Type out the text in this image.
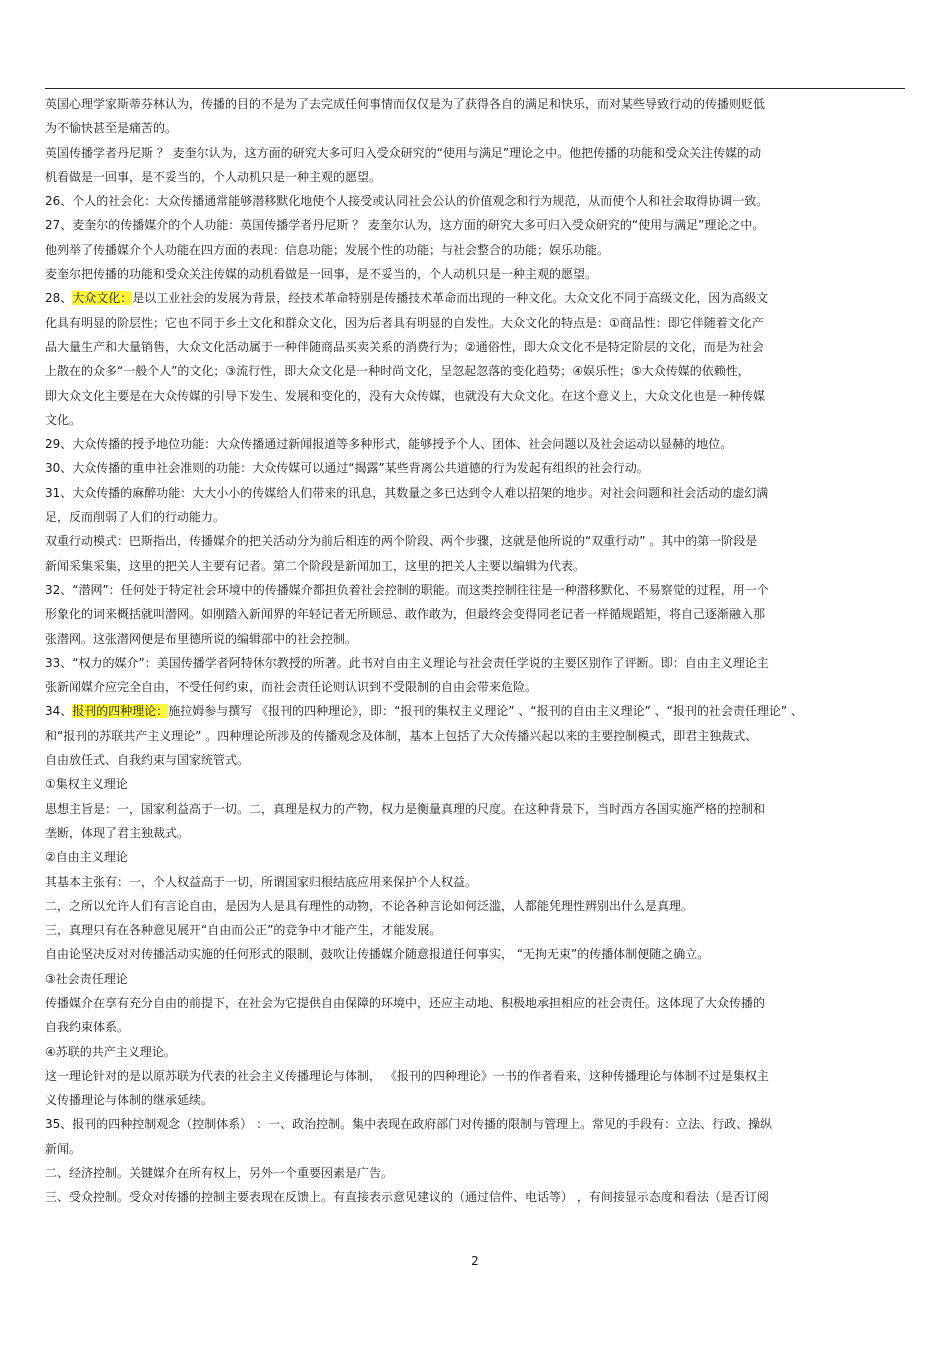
英国心理学家斯蒂芬林认为，传播的目的不是为了去完成任何事情而仅仅是为了获得各自的满足和快乐，而对某些导致行动的传播则贬低
为不愉快甚至是痛苦的。
英国传播学者丹尼斯 ？ 麦奎尔认为，这方面的研究大多可归入受众研究的“使用与满足”理论之中。他把传播的功能和受众关注传媒的动
机看做是一回事，是不妥当的，个人动机只是一种主观的愿望。
26、个人的社会化：大众传播通常能够潜移默化地使个人接受或认同社会公认的价值观念和行为规范，从而使个人和社会取得协调一致。
27、麦奎尔的传播媒介的个人功能：英国传播学者丹尼斯 ？ 麦奎尔认为，这方面的研究大多可归入受众研究的“使用与满足”理论之中。
他列举了传播媒介个人功能在四方面的表现：信息功能；发展个性的功能；与社会整合的功能；娱乐功能。
麦奎尔把传播的功能和受众关注传媒的动机看做是一回事，是不妥当的，个人动机只是一种主观的愿望。
28、大众文化：是以工业社会的发展为背景，经技术革命特别是传播技术革命而出现的一种文化。大众文化不同于高级文化，因为高级文
化具有明显的阶层性；它也不同于乡土文化和群众文化，因为后者具有明显的自发性。大众文化的特点是：①商品性：即它伴随着文化产
品大量生产和大量销售，大众文化活动属于一种伴随商品买卖关系的消费行为；②通俗性，即大众文化不是特定阶层的文化，而是为社会
上散在的众多“一般个人”的文化；③流行性，即大众文化是一种时尚文化，呈忽起忽落的变化趋势；④娱乐性；⑤大众传媒的依赖性，
即大众文化主要是在大众传媒的引导下发生、发展和变化的，没有大众传媒，也就没有大众文化。在这个意义上，大众文化也是一种传媒
文化。
29、大众传播的授予地位功能：大众传播通过新闻报道等多种形式，能够授予个人、团体、社会问题以及社会运动以显赫的地位。
30、大众传播的重申社会准则的功能：大众传媒可以通过“揭露”某些背离公共道德的行为发起有组织的社会行动。
31、大众传播的麻醉功能：大大小小的传媒给人们带来的讯息，其数量之多已达到令人难以招架的地步。对社会问题和社会活动的虚幻满
足，反而削弱了人们的行动能力。
双重行动模式：巴斯指出，传播媒介的把关活动分为前后相连的两个阶段、两个步骤，这就是他所说的“双重行动” 。其中的第一阶段是
新闻采集采集，这里的把关人主要有记者。第二个阶段是新闻加工，这里的把关人主要以编辑为代表。
32、“潜网”：任何处于特定社会环境中的传播媒介都担负着社会控制的职能。而这类控制往往是一种潜移默化、不易察觉的过程，用一个
形象化的词来概括就叫潜网。如刚踏入新闻界的年轻记者无所顾忌、敢作敢为，但最终会变得同老记者一样循规蹈矩，将自己逐渐融入那
张潜网。这张潜网便是布里德所说的编辑部中的社会控制。
33、“权力的媒介”：美国传播学者阿特休尔教授的所著。此书对自由主义理论与社会责任学说的主要区别作了评断。即：自由主义理论主
张新闻媒介应完全自由，不受任何约束，而社会责任论则认识到不受限制的自由会带来危险。
34、报刊的四种理论：施拉姆参与撰写 《报刊的四种理论》，即：“报刊的集权主义理论” 、“报刊的自由主义理论” 、“报刊的社会责任理论” 、
和“报刊的苏联共产主义理论” 。四种理论所涉及的传播观念及体制，基本上包括了大众传播兴起以来的主要控制模式，即君主独裁式、
自由放任式、自我约束与国家统管式。
①集权主义理论
思想主旨是：一，国家利益高于一切。二，真理是权力的产物，权力是衡量真理的尺度。在这种背景下，当时西方各国实施严格的控制和
垄断，体现了君主独裁式。
②自由主义理论
其基本主张有：一，个人权益高于一切，所谓国家归根结底应用来保护个人权益。
二，之所以允许人们有言论自由，是因为人是具有理性的动物，不论各种言论如何泛滥，人都能凭理性辨别出什么是真理。
三，真理只有在各种意见展开“自由而公正”的竞争中才能产生，才能发展。
自由论坚决反对对传播活动实施的任何形式的限制，鼓吹让传播媒介随意报道任何事实， “无拘无束”的传播体制便随之确立。
③社会责任理论
传播媒介在享有充分自由的前提下，在社会为它提供自由保障的环境中，还应主动地、积极地承担相应的社会责任。这体现了大众传播的
自我约束体系。
④苏联的共产主义理论。
这一理论针对的是以原苏联为代表的社会主义传播理论与体制， 《报刊的四种理论》一书的作者看来，这种传播理论与体制不过是集权主
义传播理论与体制的继承延续。
35、报刊的四种控制观念（控制体系） ：一、政治控制。集中表现在政府部门对传播的限制与管理上。常见的手段有：立法、行政、操纵
新闻。
二、经济控制。关键媒介在所有权上，另外一个重要因素是广告。
三、受众控制。受众对传播的控制主要表现在反馈上。有直接表示意见建议的（通过信件、电话等） ，有间接显示态度和看法（是否订阅
2
